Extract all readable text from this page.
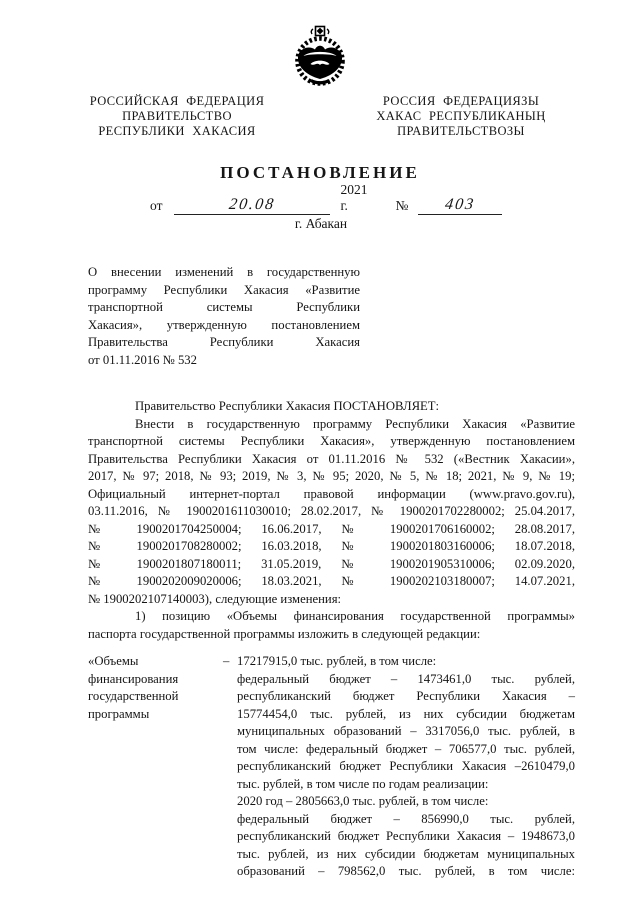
РОССИЙСКАЯ ФЕДЕРАЦИЯ
ПРАВИТЕЛЬСТВО
РЕСПУБЛИКИ ХАКАСИЯ
РОССИЯ ФЕДЕРАЦИЯЗЫ
ХАКАС РЕСПУБЛИКАНЫҢ
ПРАВИТЕЛЬСТВОЗЫ
ПОСТАНОВЛЕНИЕ
от	20.08
2021 г.	№	403
г. Абакан
О внесении изменений в государственную
программу Республики Хакасия «Развитие
транспортной системы Республики
Хакасия», утвержденную постановлением
Правительства Республики Хакасия
от 01.11.2016 № 532
Правительство Республики Хакасия ПОСТАНОВЛЯЕТ:
Внести в государственную программу Республики Хакасия «Развитие
транспортной системы Республики Хакасия», утвержденную постановлением
Правительства Республики Хакасия от 01.11.2016 № 532 («Вестник Хакасии»,
2017, № 97; 2018, № 93; 2019, № 3, № 95; 2020, № 5, № 18; 2021, № 9, № 19;
Официальный интернет-портал правовой информации (www.pravo.gov.ru),
03.11.2016, № 1900201611030010; 28.02.2017, № 1900201702280002; 25.04.2017,
№ 1900201704250004; 16.06.2017, № 1900201706160002; 28.08.2017,
№ 1900201708280002; 16.03.2018, № 1900201803160006; 18.07.2018,
№ 1900201807180011; 31.05.2019, № 1900201905310006; 02.09.2020,
№ 1900202009020006; 18.03.2021, № 1900202103180007; 14.07.2021,
№ 1900202107140003), следующие изменения:
1) позицию «Объемы финансирования государственной программы»
паспорта государственной программы изложить в следующей редакции:
«Объемы
финансирования
государственной
программы
– 17217915,0 тыс. рублей, в том числе:
федеральный бюджет – 1473461,0 тыс. рублей,
республиканский бюджет Республики Хакасия –
15774454,0 тыс. рублей, из них субсидии бюджетам
муниципальных образований – 3317056,0 тыс. рублей, в
том числе: федеральный бюджет – 706577,0 тыс. рублей,
республиканский бюджет Республики Хакасия –2610479,0
тыс. рублей, в том числе по годам реализации:
2020 год – 2805663,0 тыс. рублей, в том числе:
федеральный бюджет – 856990,0 тыс. рублей,
республиканский бюджет Республики Хакасия – 1948673,0
тыс. рублей, из них субсидии бюджетам муниципальных
образований – 798562,0 тыс. рублей, в том числе:
